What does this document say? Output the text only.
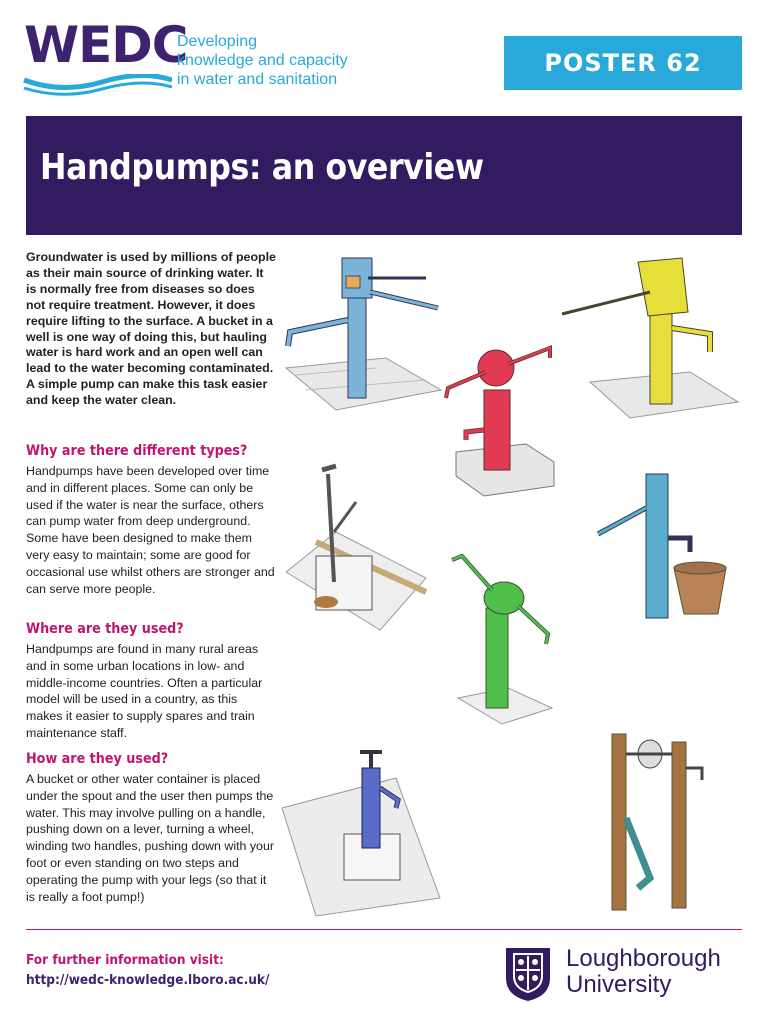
WEDC
Developing
knowledge and capacity
in water and sanitation
POSTER 62
Handpumps: an overview
Groundwater is used by millions of people as their main source of drinking water. It is normally free from diseases so does not require treatment. However, it does require lifting to the surface. A bucket in a well is one way of doing this, but hauling water is hard work and an open well can lead to the water becoming contaminated. A simple pump can make this task easier and keep the water clean.
Why are there different types?
Handpumps have been developed over time and in different places. Some can only be used if the water is near the surface, others can pump water from deep underground. Some have been designed to make them very easy to maintain; some are good for occasional use whilst others are stronger and can serve more people.
Where are they used?
Handpumps are found in many rural areas and in some urban locations in low- and middle-income countries. Often a particular model will be used in a country, as this makes it easier to supply spares and train maintenance staff.
How are they used?
A bucket or other water container is placed under the spout and the user then pumps the water. This may involve pulling on a handle, pushing down on a lever, turning a wheel, winding two handles, pushing down with your foot or even standing on two steps and operating the pump with your legs (so that it is really a foot pump!)
For further information visit:
http://wedc-knowledge.lboro.ac.uk/
Loughborough
University
